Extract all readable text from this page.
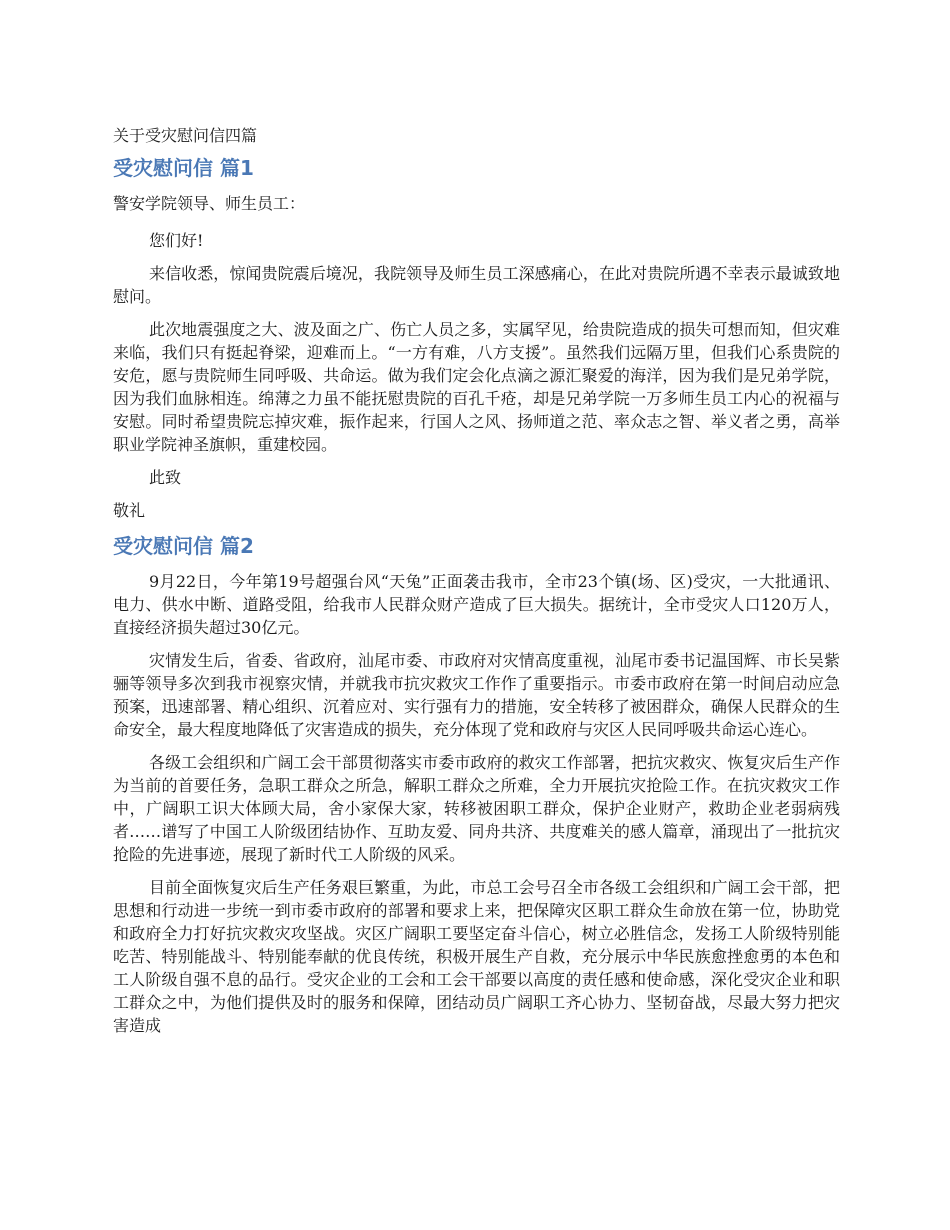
关于受灾慰问信四篇
受灾慰问信 篇1

警安学院领导、师生员工：

您们好!

来信收悉，惊闻贵院震后境况，我院领导及师生员工深感痛心，在此对贵院所遇不幸表示最诚致地慰问。

此次地震强度之大、波及面之广、伤亡人员之多，实属罕见，给贵院造成的损失可想而知，但灾难来临，我们只有挺起脊梁，迎难而上。“一方有难，八方支援”。虽然我们远隔万里，但我们心系贵院的安危，愿与贵院师生同呼吸、共命运。做为我们定会化点滴之源汇聚爱的海洋，因为我们是兄弟学院，因为我们血脉相连。绵薄之力虽不能抚慰贵院的百孔千疮，却是兄弟学院一万多师生员工内心的祝福与安慰。同时希望贵院忘掉灾难，振作起来，行国人之风、扬师道之范、率众志之智、举义者之勇，高举职业学院神圣旗帜，重建校园。

此致

敬礼

受灾慰问信 篇2

9月22日，今年第19号超强台风“天兔”正面袭击我市，全市23个镇(场、区)受灾，一大批通讯、电力、供水中断、道路受阻，给我市人民群众财产造成了巨大损失。据统计，全市受灾人口120万人，直接经济损失超过30亿元。

灾情发生后，省委、省政府，汕尾市委、市政府对灾情高度重视，汕尾市委书记温国辉、市长吴紫骊等领导多次到我市视察灾情，并就我市抗灾救灾工作作了重要指示。市委市政府在第一时间启动应急预案，迅速部署、精心组织、沉着应对、实行强有力的措施，安全转移了被困群众，确保人民群众的生命安全，最大程度地降低了灾害造成的损失，充分体现了党和政府与灾区人民同呼吸共命运心连心。

各级工会组织和广阔工会干部贯彻落实市委市政府的救灾工作部署，把抗灾救灾、恢复灾后生产作为当前的首要任务，急职工群众之所急，解职工群众之所难，全力开展抗灾抢险工作。在抗灾救灾工作中，广阔职工识大体顾大局，舍小家保大家，转移被困职工群众，保护企业财产，救助企业老弱病残者……谱写了中国工人阶级团结协作、互助友爱、同舟共济、共度难关的感人篇章，涌现出了一批抗灾抢险的先进事迹，展现了新时代工人阶级的风采。

目前全面恢复灾后生产任务艰巨繁重，为此，市总工会号召全市各级工会组织和广阔工会干部，把思想和行动进一步统一到市委市政府的部署和要求上来，把保障灾区职工群众生命放在第一位，协助党和政府全力打好抗灾救灾攻坚战。灾区广阔职工要坚定奋斗信心，树立必胜信念，发扬工人阶级特别能吃苦、特别能战斗、特别能奉献的优良传统，积极开展生产自救，充分展示中华民族愈挫愈勇的本色和工人阶级自强不息的品行。受灾企业的工会和工会干部要以高度的责任感和使命感，深化受灾企业和职工群众之中，为他们提供及时的服务和保障，团结动员广阔职工齐心协力、坚韧奋战，尽最大努力把灾害造成
